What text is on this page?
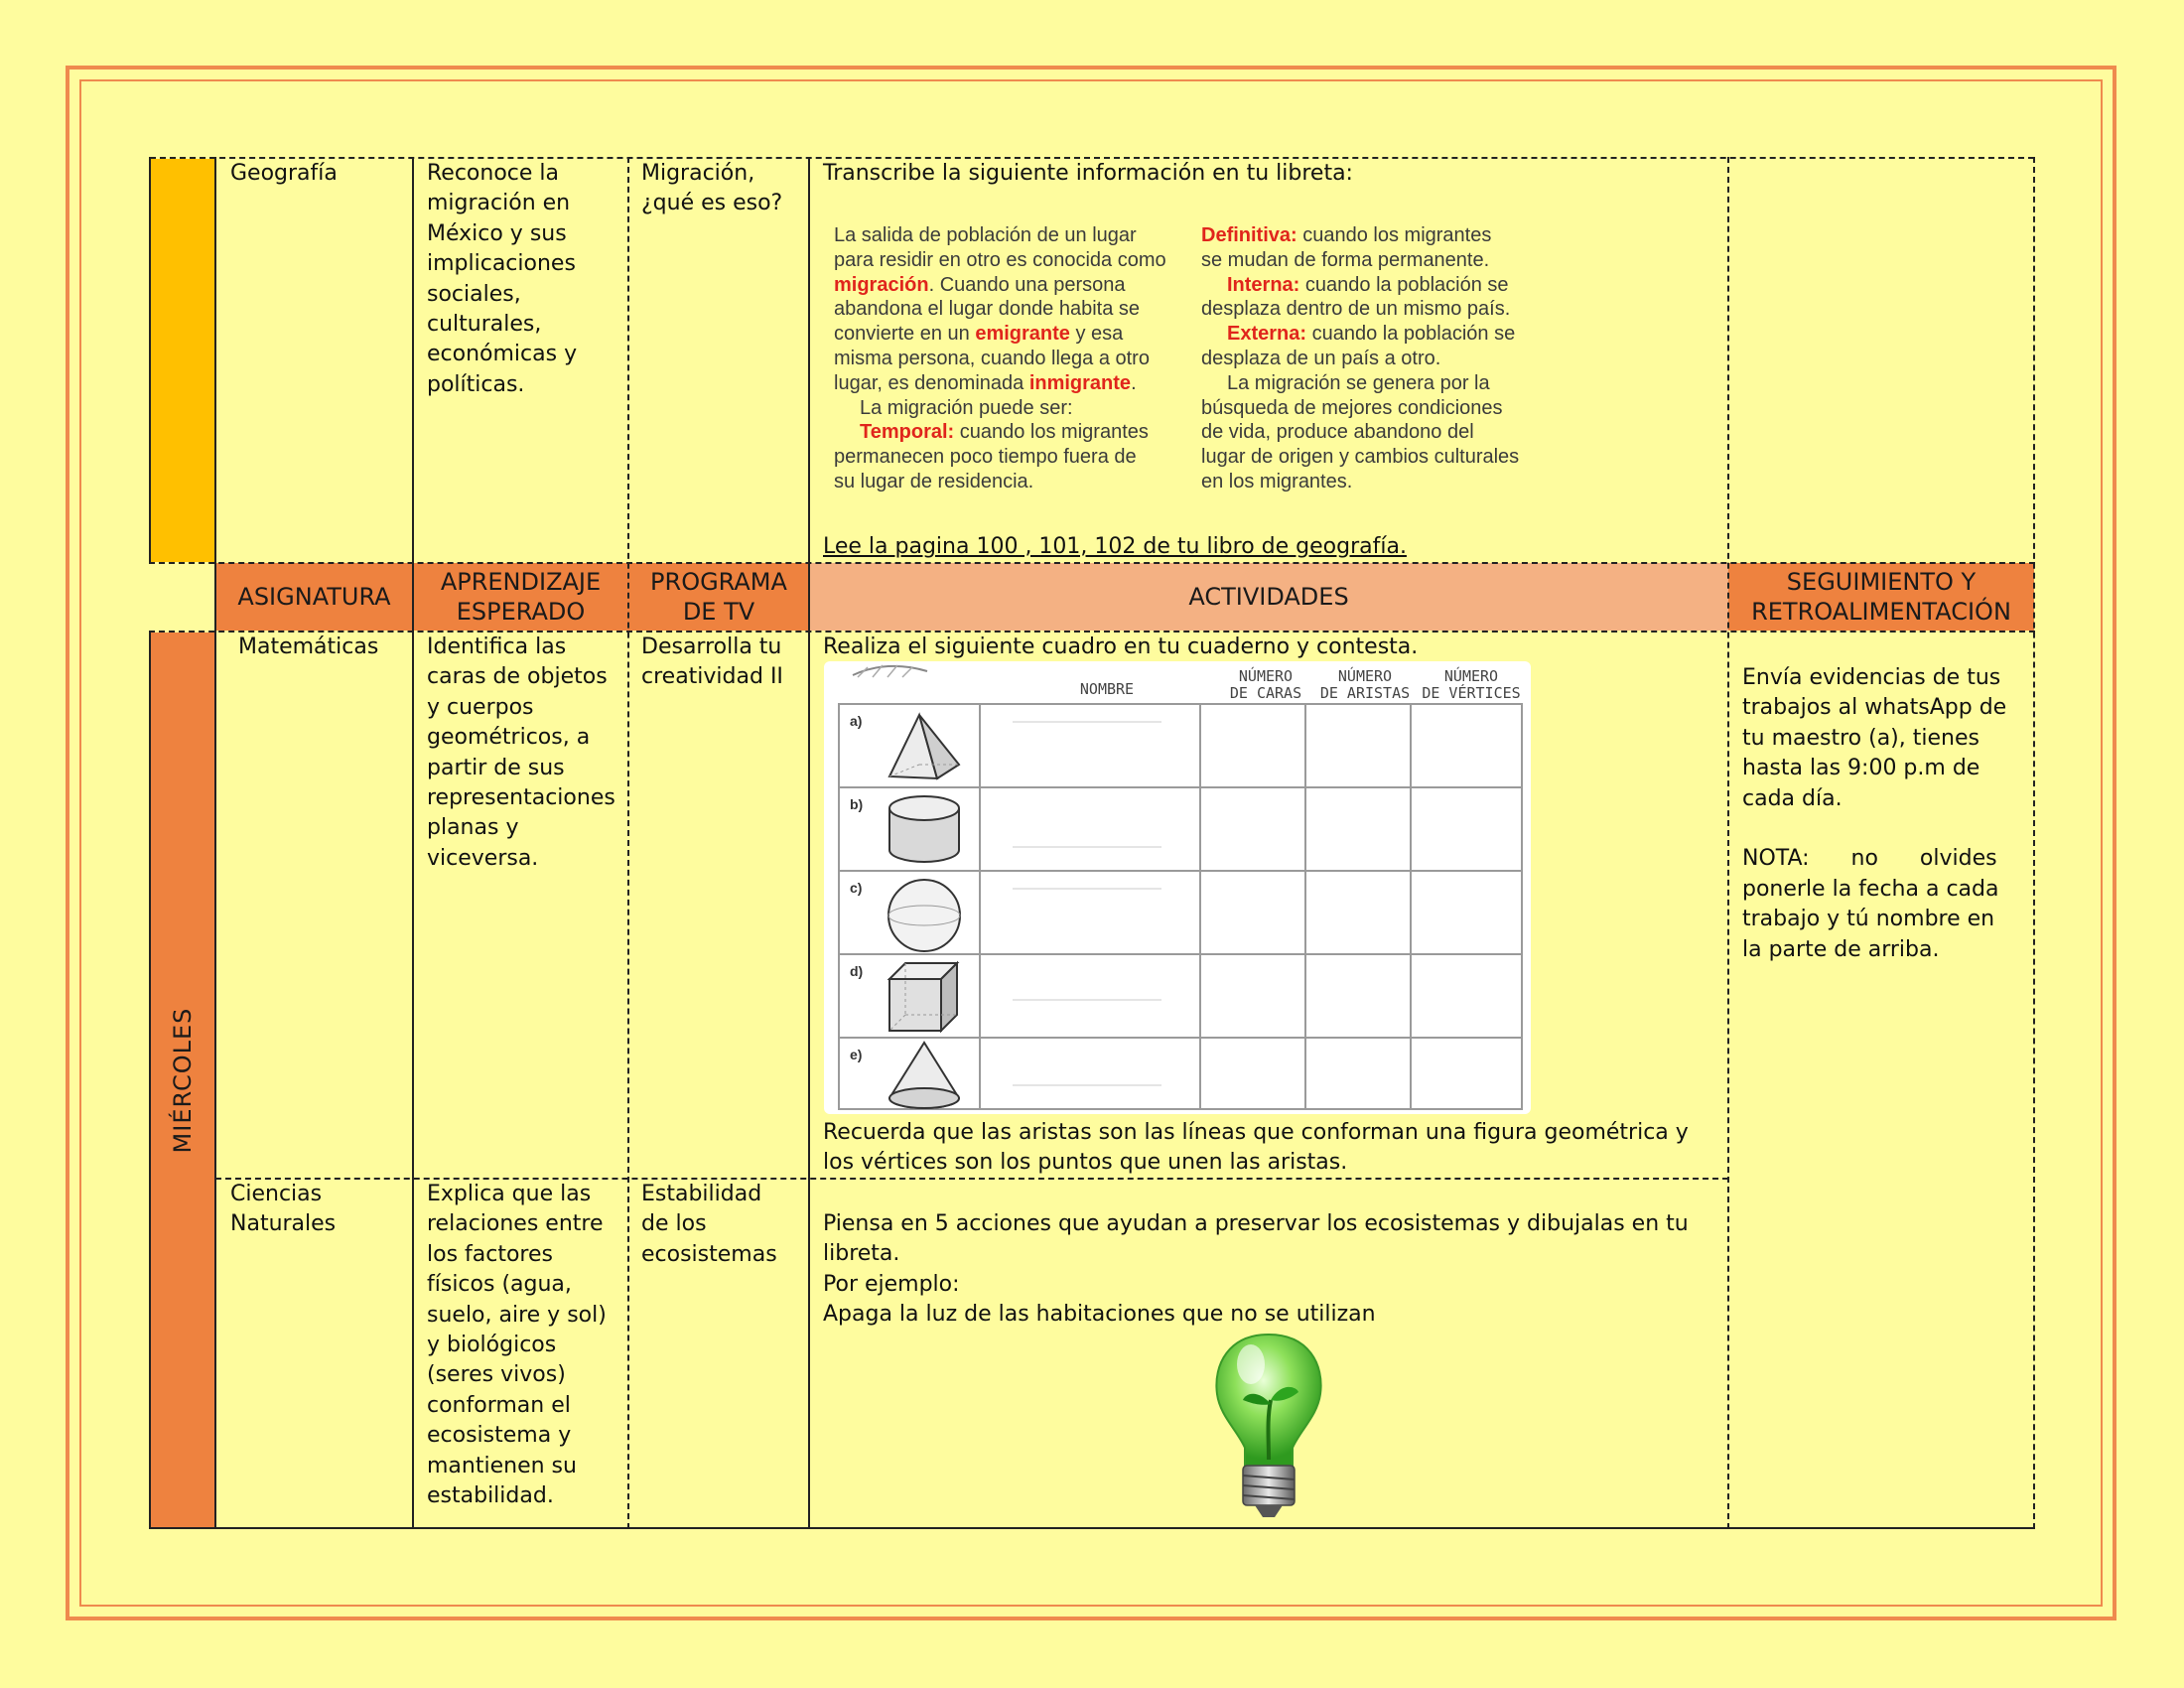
MIÉRCOLES
ASIGNATURA
APRENDIZAJE
ESPERADO
PROGRAMA
DE TV
ACTIVIDADES
SEGUIMIENTO Y
RETROALIMENTACIÓN
Geografía	Reconoce la
migración en
México y sus
implicaciones
sociales,
culturales,
económicas y
políticas.
Migración,
¿qué es eso?
Transcribe la siguiente información en tu libreta:
La salida de población de un lugar
para residir en otro es conocida como
migración. Cuando una persona
abandona el lugar donde habita se
convierte en un emigrante y esa
misma persona, cuando llega a otro
lugar, es denominada inmigrante.
La migración puede ser:
Temporal: cuando los migrantes
permanecen poco tiempo fuera de
su lugar de residencia.
Definitiva: cuando los migrantes
se mudan de forma permanente.
Interna: cuando la población se
desplaza dentro de un mismo país.
Externa: cuando la población se
desplaza de un país a otro.
La migración se genera por la
búsqueda de mejores condiciones
de vida, produce abandono del
lugar de origen y cambios culturales
en los migrantes.
Lee la pagina 100 , 101, 102 de tu libro de geografía.
Matemáticas Identifica las
caras de objetos
y cuerpos
geométricos, a
partir de sus
representaciones
planas y
viceversa.
Desarrolla tu
creatividad II
Realiza el siguiente cuadro en tu cuaderno y contesta.
NOMBRE
NÚMERO
DE CARAS
NÚMERO
DE ARISTAS
NÚMERO
DE VÉRTICES
a)
b)
c)
d)
e)
Recuerda que las aristas son las líneas que conforman una figura geométrica y
los vértices son los puntos que unen las aristas.
Envía evidencias de tus
trabajos al whatsApp de
tu maestro (a), tienes
hasta las 9:00 p.m de
cada día.
NOTA:      no      olvides
ponerle la fecha a cada
trabajo y tú nombre en
la parte de arriba.
Ciencias
Naturales
Explica que las
relaciones entre
los factores
físicos (agua,
suelo, aire y sol)
y biológicos
(seres vivos)
conforman el
ecosistema y
mantienen su
estabilidad.
Estabilidad
de los
ecosistemas
Piensa en 5 acciones que ayudan a preservar los ecosistemas y dibujalas en tu
libreta.
Por ejemplo:
Apaga la luz de las habitaciones que no se utilizan
